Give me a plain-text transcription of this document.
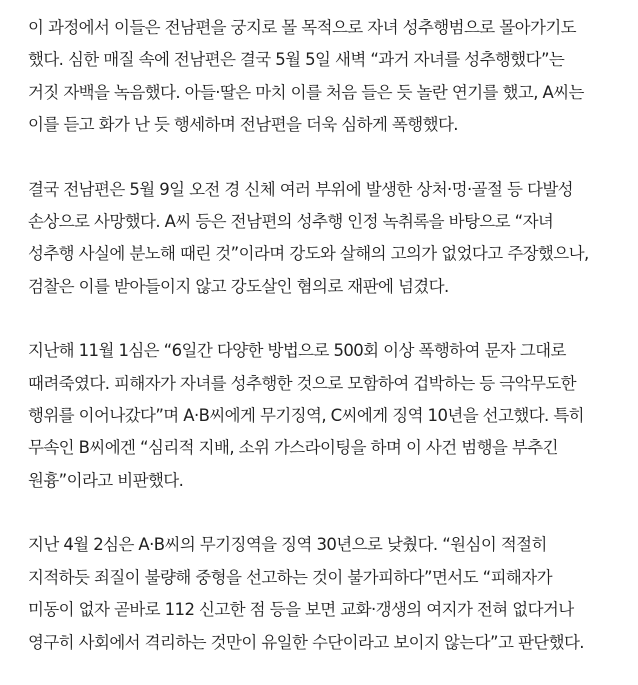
이 과정에서 이들은 전남편을 궁지로 몰 목적으로 자녀 성추행범으로 몰아가기도
했다. 심한 매질 속에 전남편은 결국 5월 5일 새벽 “과거 자녀를 성추행했다”는
거짓 자백을 녹음했다. 아들·딸은 마치 이를 처음 들은 듯 놀란 연기를 했고, A씨는
이를 듣고 화가 난 듯 행세하며 전남편을 더욱 심하게 폭행했다.

결국 전남편은 5월 9일 오전 경 신체 여러 부위에 발생한 상처·멍·골절 등 다발성
손상으로 사망했다. A씨 등은 전남편의 성추행 인정 녹취록을 바탕으로 “자녀
성추행 사실에 분노해 때린 것”이라며 강도와 살해의 고의가 없었다고 주장했으나,
검찰은 이를 받아들이지 않고 강도살인 혐의로 재판에 넘겼다.

지난해 11월 1심은 “6일간 다양한 방법으로 500회 이상 폭행하여 문자 그대로
때려죽였다. 피해자가 자녀를 성추행한 것으로 모함하여 겁박하는 등 극악무도한
행위를 이어나갔다”며 A·B씨에게 무기징역, C씨에게 징역 10년을 선고했다. 특히
무속인 B씨에겐 “심리적 지배, 소위 가스라이팅을 하며 이 사건 범행을 부추긴
원흉”이라고 비판했다.

지난 4월 2심은 A·B씨의 무기징역을 징역 30년으로 낮췄다. “원심이 적절히
지적하듯 죄질이 불량해 중형을 선고하는 것이 불가피하다”면서도 “피해자가
미동이 없자 곧바로 112 신고한 점 등을 보면 교화·갱생의 여지가 전혀 없다거나
영구히 사회에서 격리하는 것만이 유일한 수단이라고 보이지 않는다”고 판단했다.
